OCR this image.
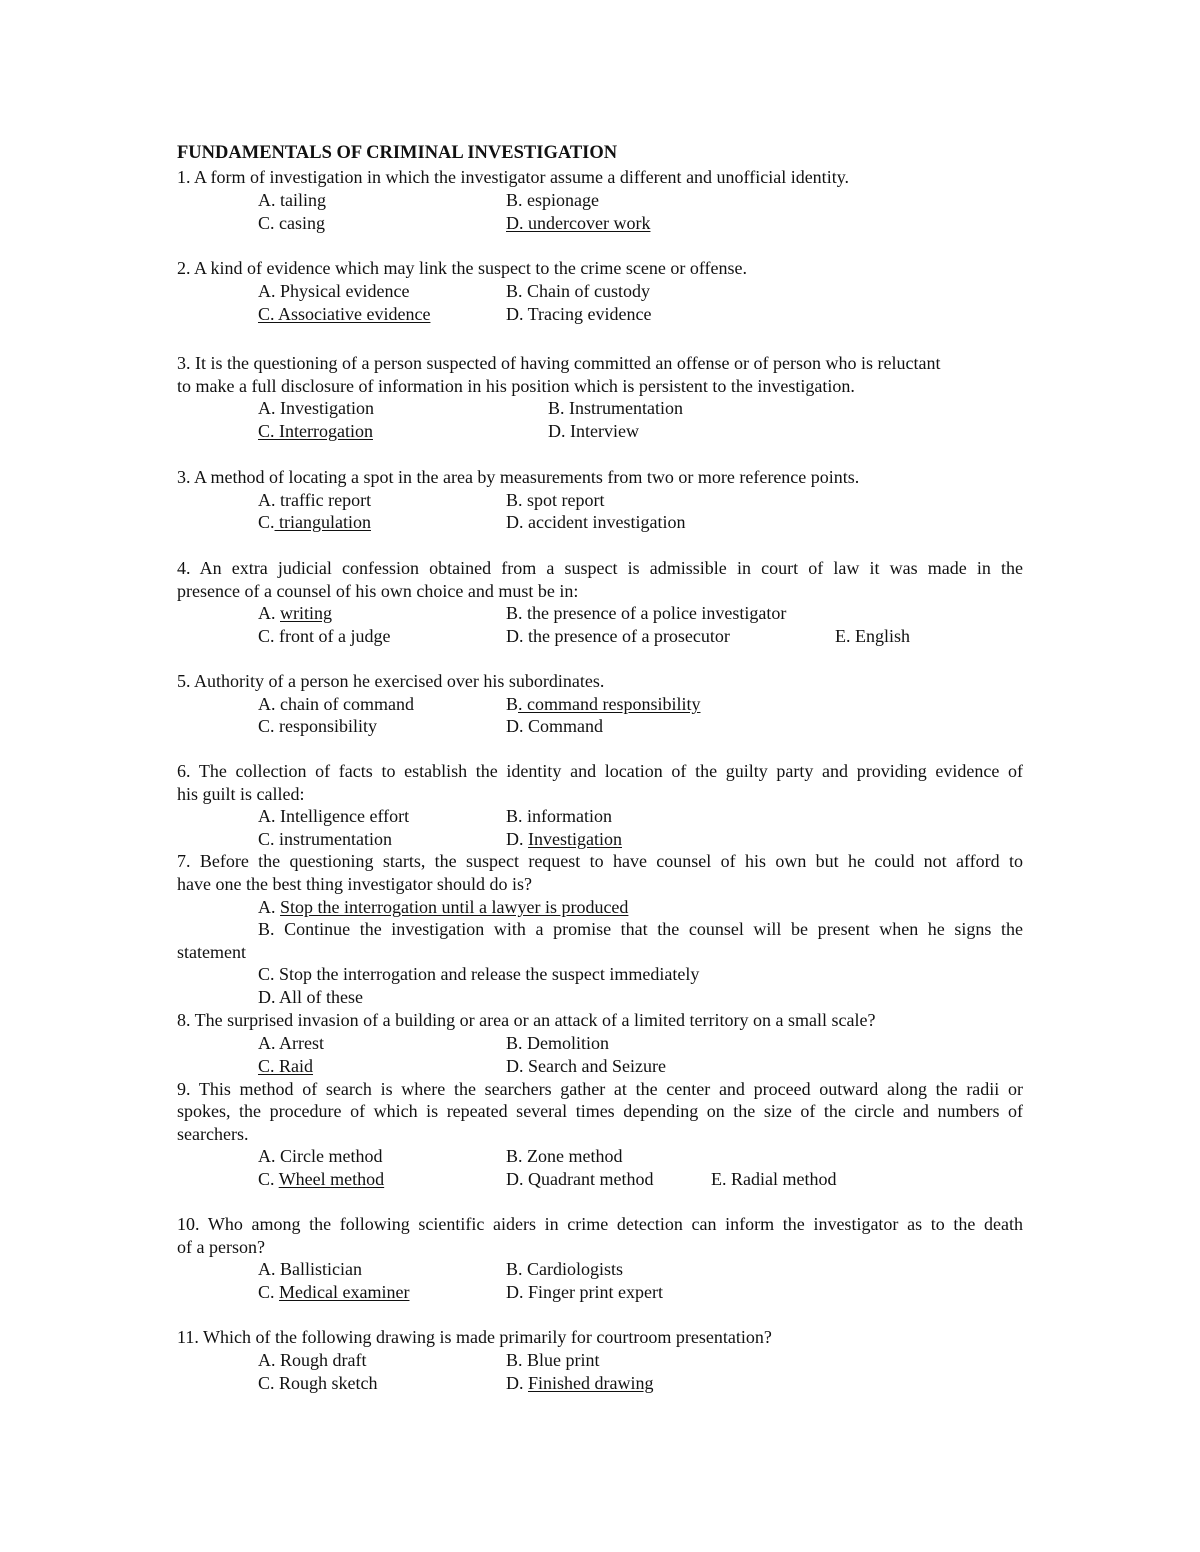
FUNDAMENTALS OF CRIMINAL INVESTIGATION
1. A form of investigation in which the investigator assume a different and unofficial identity.
A. tailing	B. espionage
C. casing	D. undercover work
2. A kind of evidence which may link the suspect to the crime scene or offense.
A. Physical evidence	B. Chain of custody
C. Associative evidence	D. Tracing evidence
3. It is the questioning of a person suspected of having committed an offense or of person who is reluctant
to make a full disclosure of information in his position which is persistent to the investigation.
A. Investigation	B. Instrumentation
C. Interrogation	D. Interview
3. A method of locating a spot in the area by measurements from two or more reference points.
A. traffic report	B. spot report
C. triangulation	D. accident investigation
4. An extra judicial confession obtained from a suspect is admissible in court of law it was made in the
presence of a counsel of his own choice and must be in:
A. writing	B. the presence of a police investigator
C. front of a judge	D. the presence of a prosecutor	E. English
5. Authority of a person he exercised over his subordinates.
A. chain of command	B. command responsibility
C. responsibility	D. Command
6. The collection of facts to establish the identity and location of the guilty party and providing evidence of
his guilt is called:
A. Intelligence effort	B. information
C. instrumentation	D. Investigation
7. Before the questioning starts, the suspect request to have counsel of his own but he could not afford to
have one the best thing investigator should do is?
A. Stop the interrogation until a lawyer is produced
B. Continue the investigation with a promise that the counsel will be present when he signs the
statement
C. Stop the interrogation and release the suspect immediately
D. All of these
8. The surprised invasion of a building or area or an attack of a limited territory on a small scale?
A. Arrest	B. Demolition
C. Raid	D. Search and Seizure
9. This method of search is where the searchers gather at the center and proceed outward along the radii or
spokes, the procedure of which is repeated several times depending on the size of the circle and numbers of
searchers.
A. Circle method	B. Zone method
C. Wheel method	D. Quadrant method	E. Radial method
10. Who among the following scientific aiders in crime detection can inform the investigator as to the death
of a person?
A. Ballistician	B. Cardiologists
C. Medical examiner	D. Finger print expert
11. Which of the following drawing is made primarily for courtroom presentation?
A. Rough draft	B. Blue print
C. Rough sketch	D. Finished drawing
